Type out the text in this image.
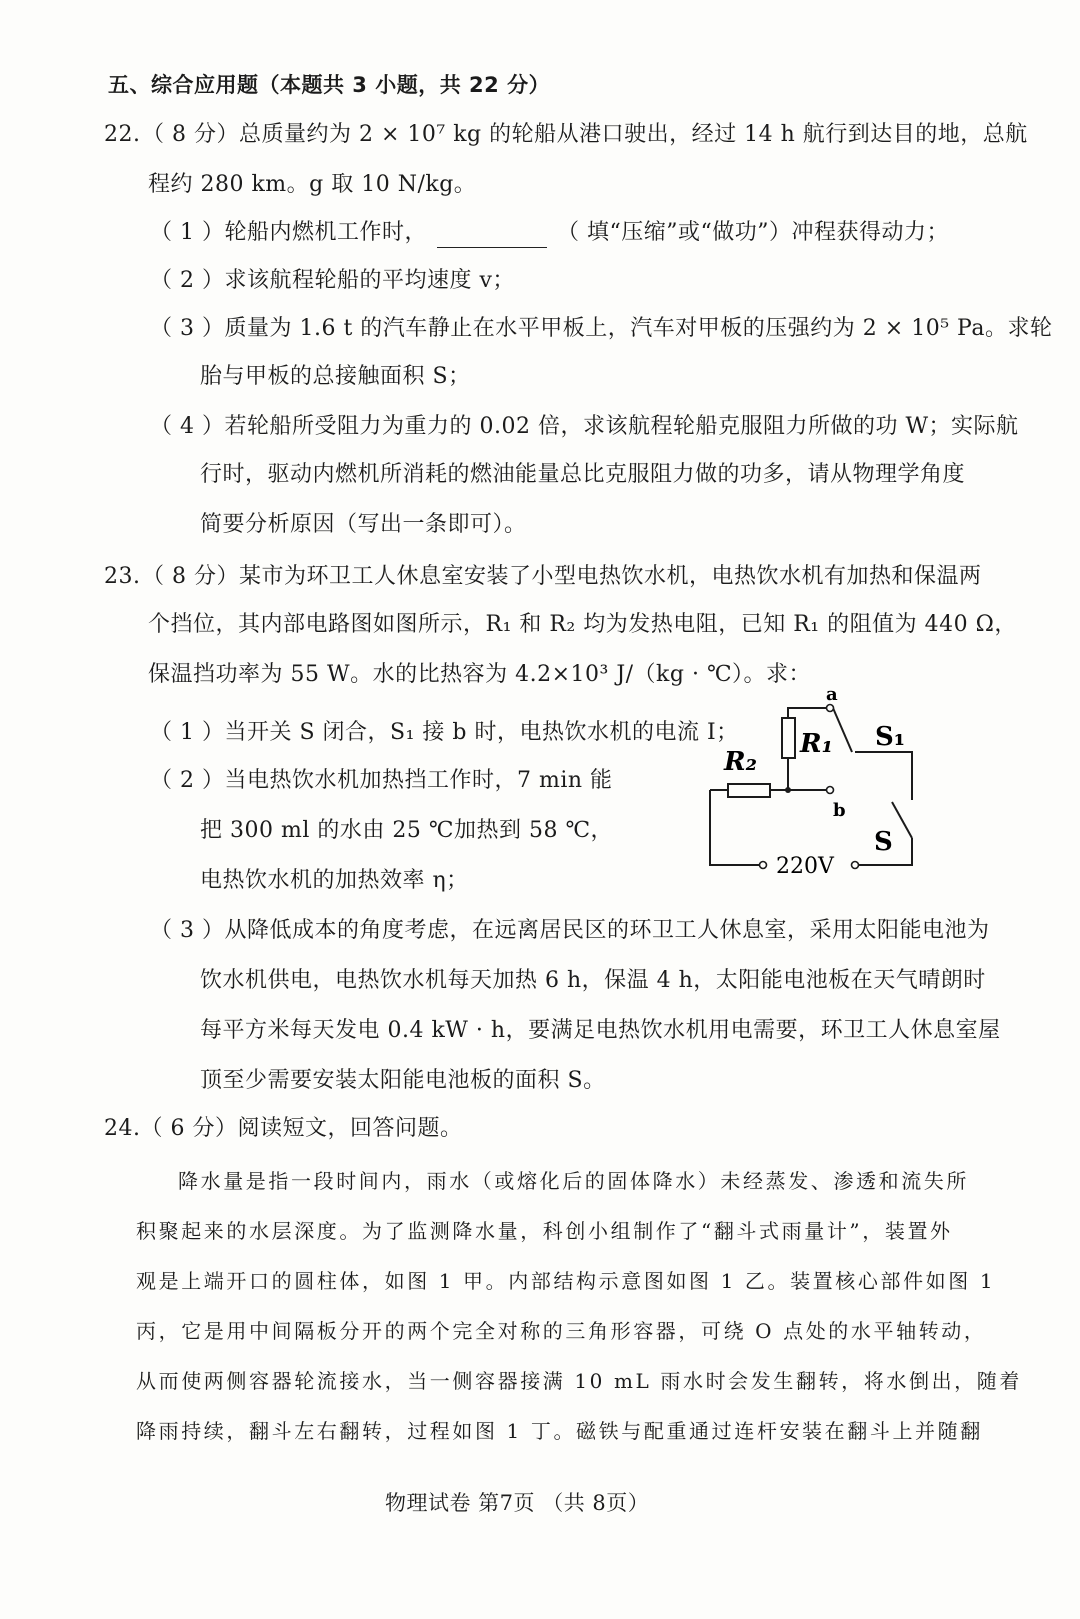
五、综合应用题（本题共 3 小题，共 22 分）
22.（ 8 分）总质量约为 2 × 10⁷ kg 的轮船从港口驶出，经过 14 h 航行到达目的地，总航
程约 280 km。g 取 10 N/kg。
（ 1 ）轮船内燃机工作时，	（ 填“压缩”或“做功”）冲程获得动力；
（ 2 ）求该航程轮船的平均速度 v；
（ 3 ）质量为 1.6 t 的汽车静止在水平甲板上，汽车对甲板的压强约为 2 × 10⁵ Pa。求轮
胎与甲板的总接触面积 S；
（ 4 ）若轮船所受阻力为重力的 0.02 倍，求该航程轮船克服阻力所做的功 W；实际航
行时，驱动内燃机所消耗的燃油能量总比克服阻力做的功多，请从物理学角度
简要分析原因（写出一条即可）。
23.（ 8 分）某市为环卫工人休息室安装了小型电热饮水机，电热饮水机有加热和保温两
个挡位，其内部电路图如图所示，R₁ 和 R₂ 均为发热电阻，已知 R₁ 的阻值为 440 Ω，
保温挡功率为 55 W。水的比热容为 4.2×10³ J/（kg · ℃）。求：
（ 1 ）当开关 S 闭合，S₁ 接 b 时，电热饮水机的电流 I；
（ 2 ）当电热饮水机加热挡工作时，7 min 能
把 300 ml 的水由 25 ℃加热到 58 ℃，
电热饮水机的加热效率 η；
R₂
R₁
a
b
S₁
S
220V
（ 3 ）从降低成本的角度考虑，在远离居民区的环卫工人休息室，采用太阳能电池为
饮水机供电，电热饮水机每天加热 6 h，保温 4 h，太阳能电池板在天气晴朗时
每平方米每天发电 0.4 kW · h，要满足电热饮水机用电需要，环卫工人休息室屋
顶至少需要安装太阳能电池板的面积 S。
24.（ 6 分）阅读短文，回答问题。
降水量是指一段时间内，雨水（或熔化后的固体降水）未经蒸发、渗透和流失所
积聚起来的水层深度。为了监测降水量，科创小组制作了“翻斗式雨量计”，装置外
观是上端开口的圆柱体，如图 1 甲。内部结构示意图如图 1 乙。装置核心部件如图 1
丙，它是用中间隔板分开的两个完全对称的三角形容器，可绕 O 点处的水平轴转动，
从而使两侧容器轮流接水，当一侧容器接满 10 mL 雨水时会发生翻转，将水倒出，随着
降雨持续，翻斗左右翻转，过程如图 1 丁。磁铁与配重通过连杆安装在翻斗上并随翻
物理试卷 第7页 （共 8页）
